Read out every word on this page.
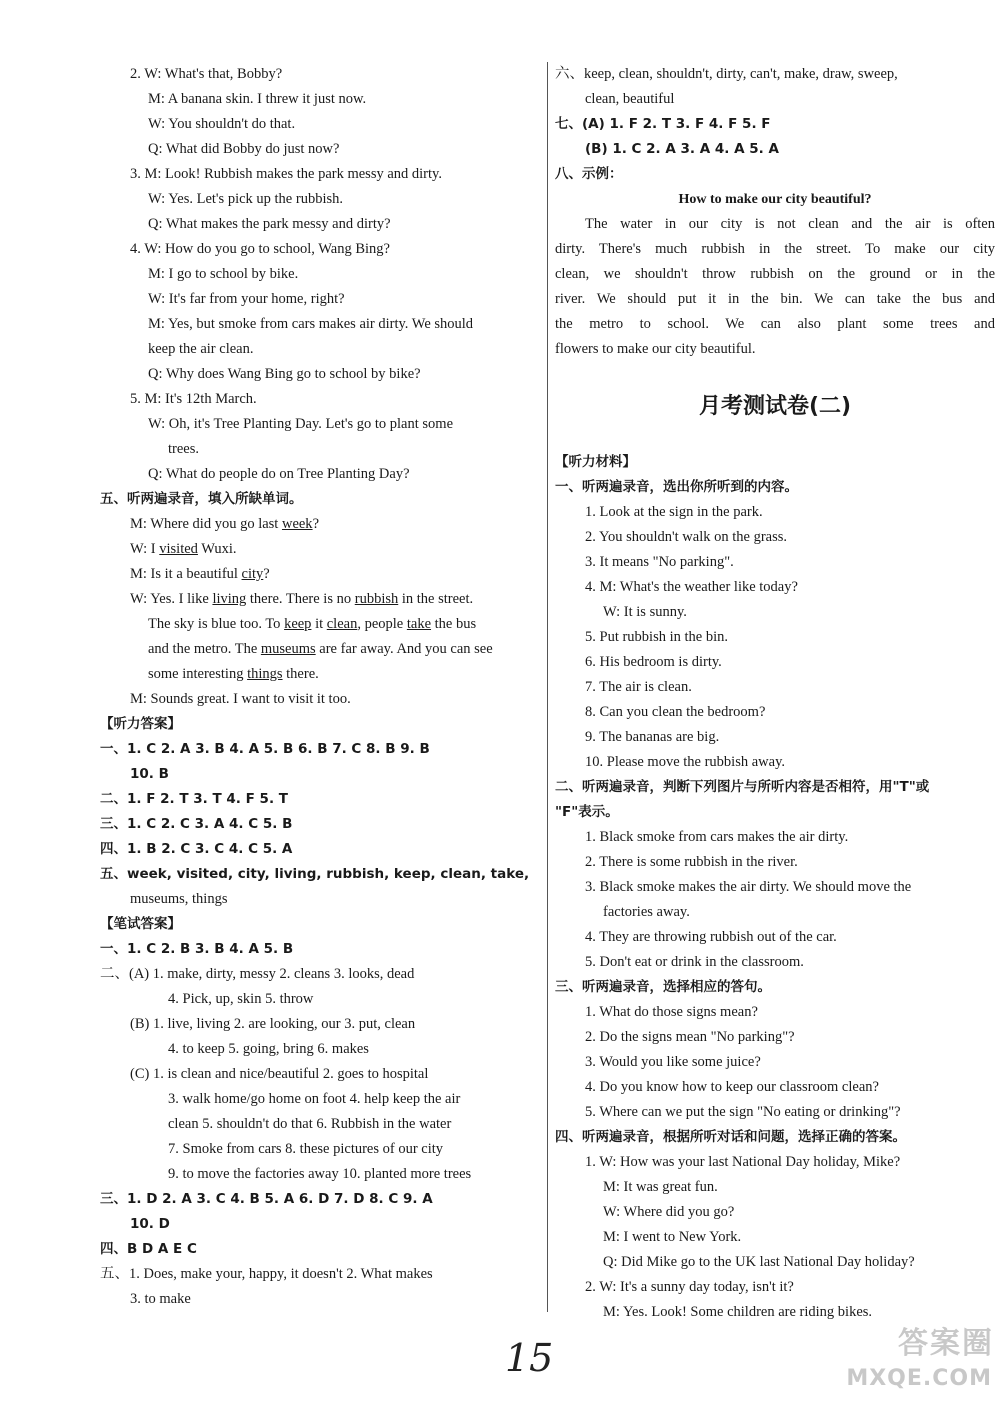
2. W: What's that, Bobby?
M: A banana skin. I threw it just now.
W: You shouldn't do that.
Q: What did Bobby do just now?
3. M: Look! Rubbish makes the park messy and dirty.
W: Yes. Let's pick up the rubbish.
Q: What makes the park messy and dirty?
4. W: How do you go to school, Wang Bing?
M: I go to school by bike.
W: It's far from your home, right?
M: Yes, but smoke from cars makes air dirty. We should
keep the air clean.
Q: Why does Wang Bing go to school by bike?
5. M: It's 12th March.
W: Oh, it's Tree Planting Day. Let's go to plant some
trees.
Q: What do people do on Tree Planting Day?
五、听两遍录音，填入所缺单词。
M: Where did you go last week?
W: I visited Wuxi.
M: Is it a beautiful city?
W: Yes. I like living there. There is no rubbish in the street.
The sky is blue too. To keep it clean, people take the bus
and the metro. The museums are far away. And you can see
some interesting things there.
M: Sounds great. I want to visit it too.
【听力答案】
一、1. C 2. A 3. B 4. A 5. B 6. B 7. C 8. B 9. B
10. B
二、1. F 2. T 3. T 4. F 5. T
三、1. C 2. C 3. A 4. C 5. B
四、1. B 2. C 3. C 4. C 5. A
五、week, visited, city, living, rubbish, keep, clean, take,
museums, things
【笔试答案】
一、1. C 2. B 3. B 4. A 5. B
二、(A) 1. make, dirty, messy 2. cleans 3. looks, dead
4. Pick, up, skin 5. throw
(B) 1. live, living 2. are looking, our 3. put, clean
4. to keep 5. going, bring 6. makes
(C) 1. is clean and nice/beautiful 2. goes to hospital
3. walk home/go home on foot 4. help keep the air
clean 5. shouldn't do that 6. Rubbish in the water
7. Smoke from cars 8. these pictures of our city
9. to move the factories away 10. planted more trees
三、1. D 2. A 3. C 4. B 5. A 6. D 7. D 8. C 9. A
10. D
四、B D A E C
五、1. Does, make your, happy, it doesn't 2. What makes
3. to make
六、keep, clean, shouldn't, dirty, can't, make, draw, sweep,
clean, beautiful
七、(A) 1. F 2. T 3. F 4. F 5. F
(B) 1. C 2. A 3. A 4. A 5. A
八、示例：
How to make our city beautiful?
The water in our city is not clean and the air is often
dirty. There's much rubbish in the street. To make our city
clean, we shouldn't throw rubbish on the ground or in the
river. We should put it in the bin. We can take the bus and
the metro to school. We can also plant some trees and
flowers to make our city beautiful.
月考测试卷(二)
【听力材料】
一、听两遍录音，选出你所听到的内容。
1. Look at the sign in the park.
2. You shouldn't walk on the grass.
3. It means "No parking".
4. M: What's the weather like today?
W: It is sunny.
5. Put rubbish in the bin.
6. His bedroom is dirty.
7. The air is clean.
8. Can you clean the bedroom?
9. The bananas are big.
10. Please move the rubbish away.
二、听两遍录音，判断下列图片与所听内容是否相符，用"T"或
"F"表示。
1. Black smoke from cars makes the air dirty.
2. There is some rubbish in the river.
3. Black smoke makes the air dirty. We should move the
factories away.
4. They are throwing rubbish out of the car.
5. Don't eat or drink in the classroom.
三、听两遍录音，选择相应的答句。
1. What do those signs mean?
2. Do the signs mean "No parking"?
3. Would you like some juice?
4. Do you know how to keep our classroom clean?
5. Where can we put the sign "No eating or drinking"?
四、听两遍录音，根据所听对话和问题，选择正确的答案。
1. W: How was your last National Day holiday, Mike?
M: It was great fun.
W: Where did you go?
M: I went to New York.
Q: Did Mike go to the UK last National Day holiday?
2. W: It's a sunny day today, isn't it?
M: Yes. Look! Some children are riding bikes.
15	答案圈
MXQE.COM
